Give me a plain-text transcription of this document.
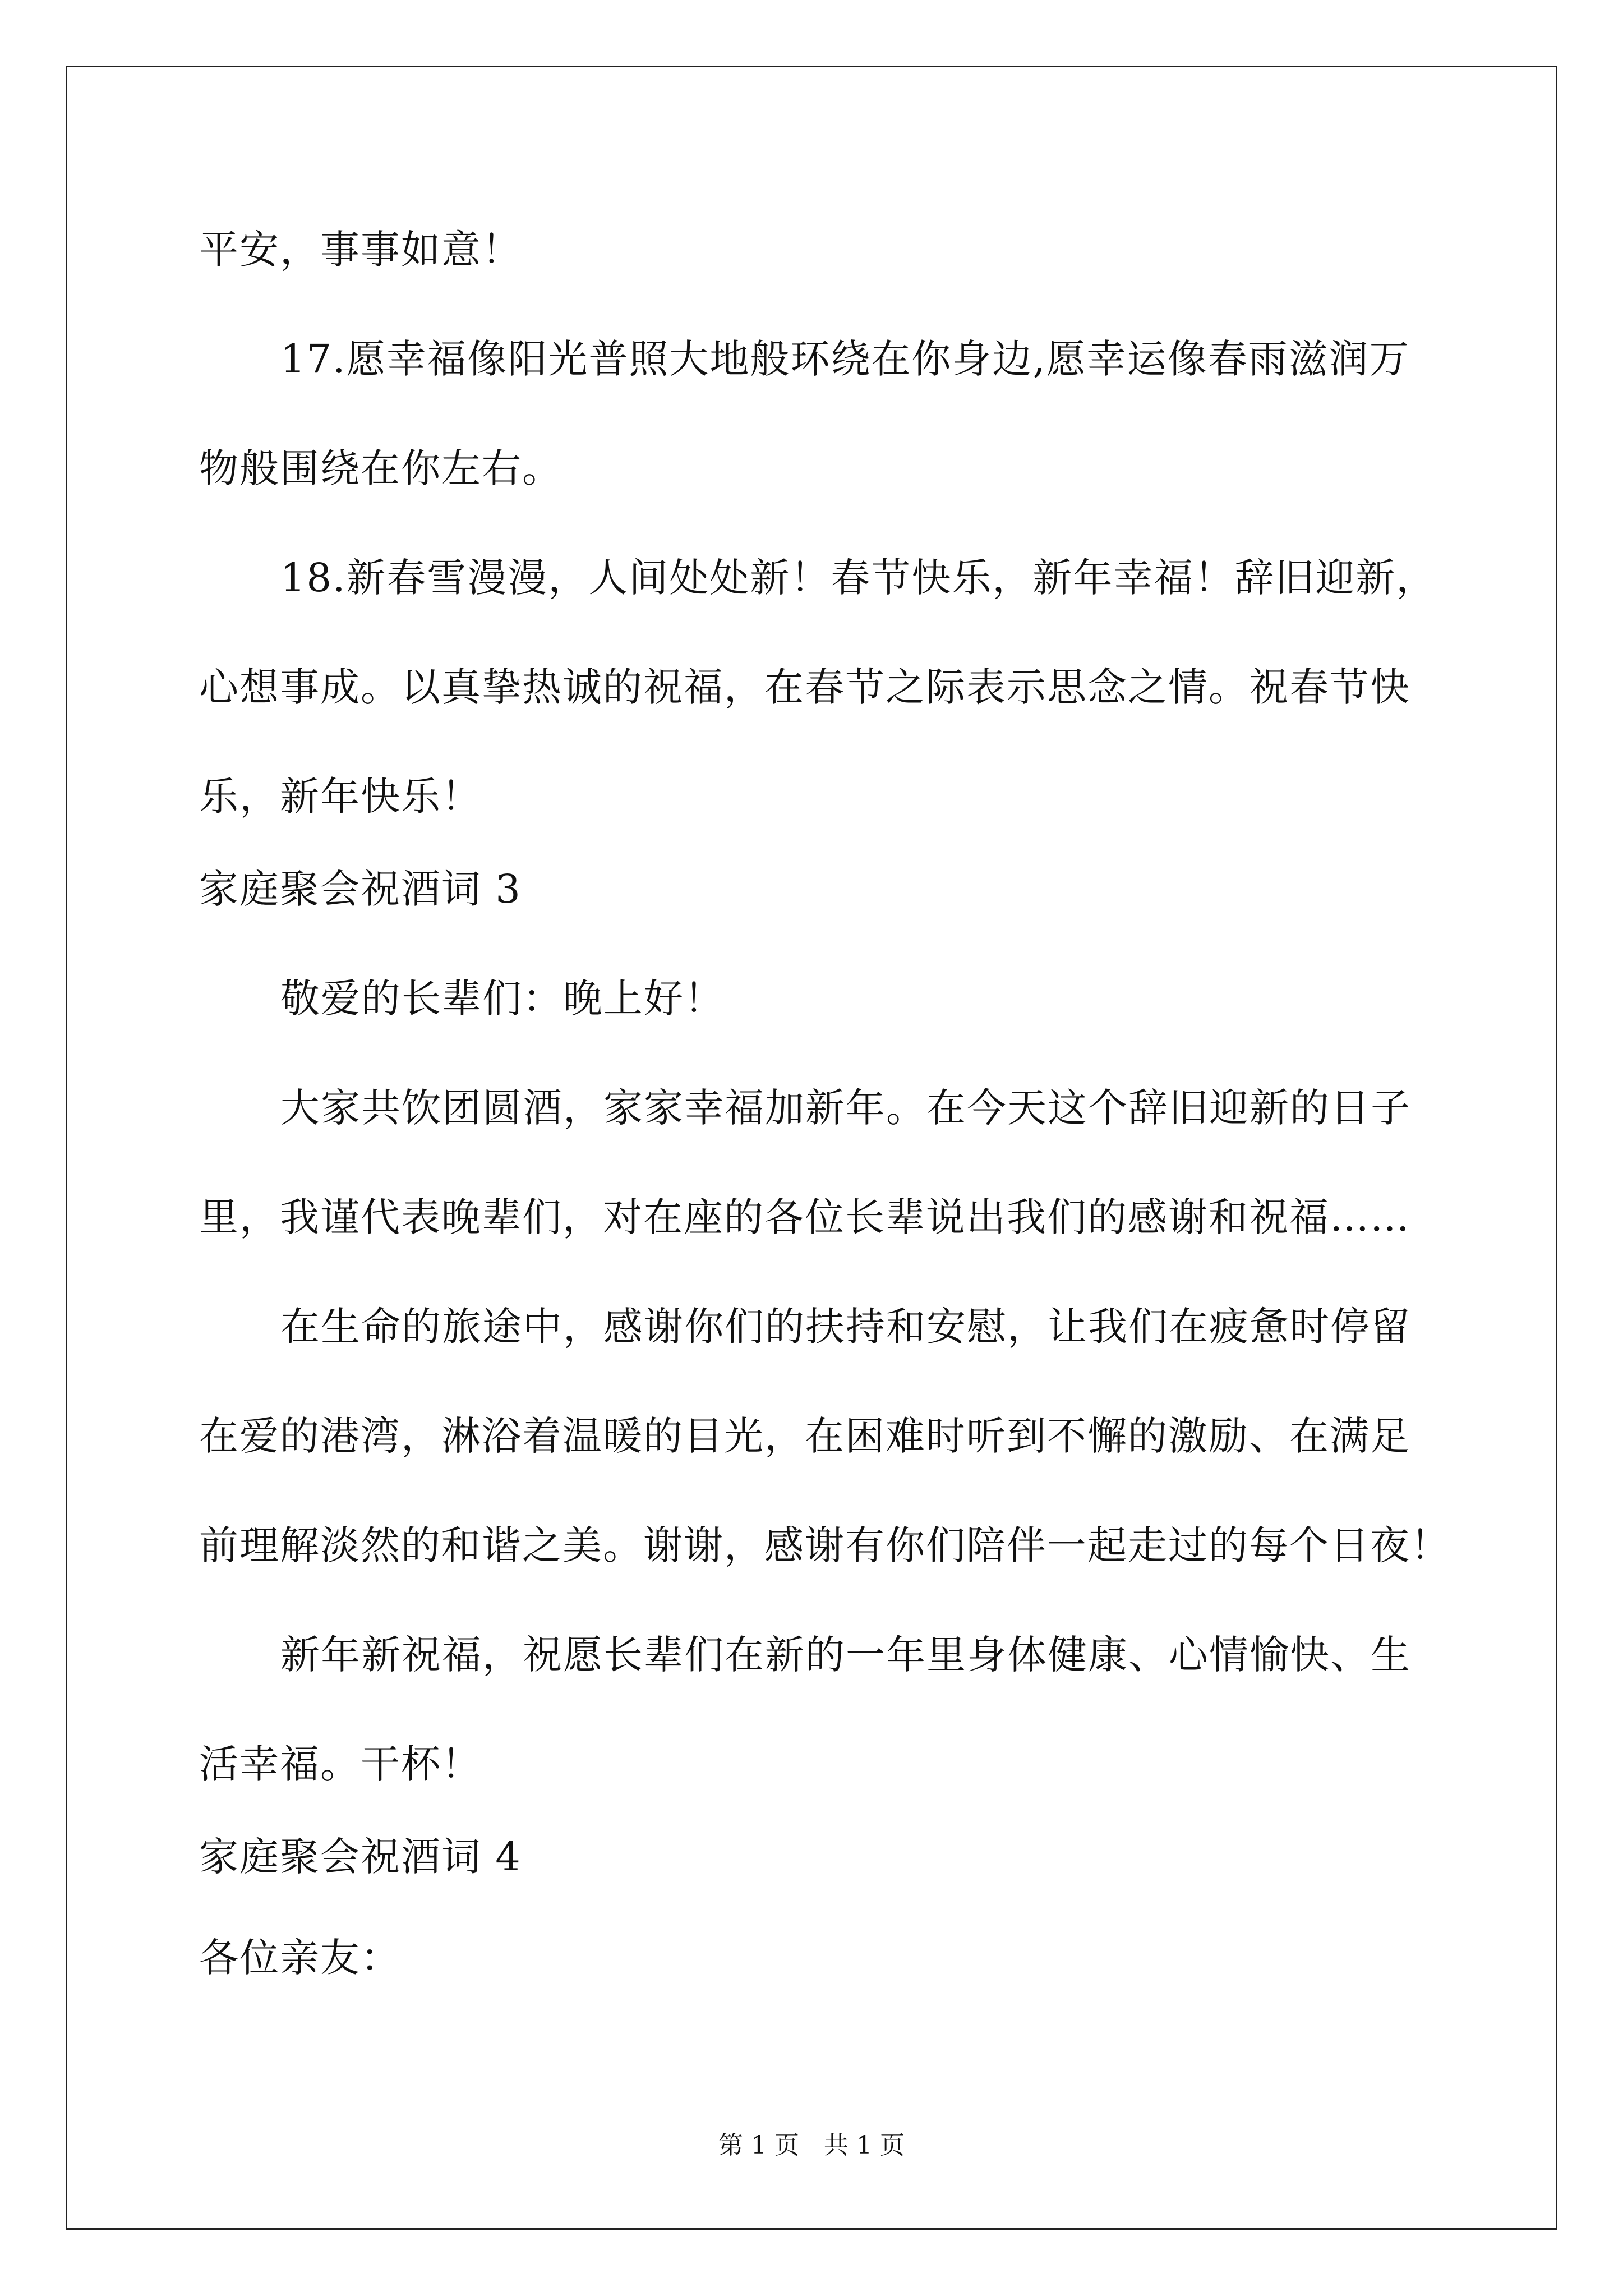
平安，事事如意！
17.愿幸福像阳光普照大地般环绕在你身边,愿幸运像春雨滋润万
物般围绕在你左右。
18.新春雪漫漫，人间处处新！春节快乐，新年幸福！辞旧迎新，
心想事成。以真挚热诚的祝福，在春节之际表示思念之情。祝春节快
乐，新年快乐！
家庭聚会祝酒词 3
敬爱的长辈们：晚上好！
大家共饮团圆酒，家家幸福加新年。在今天这个辞旧迎新的日子
里，我谨代表晚辈们，对在座的各位长辈说出我们的感谢和祝福……
在生命的旅途中，感谢你们的扶持和安慰，让我们在疲惫时停留
在爱的港湾，淋浴着温暖的目光，在困难时听到不懈的激励、在满足
前理解淡然的和谐之美。谢谢，感谢有你们陪伴一起走过的每个日夜！
新年新祝福，祝愿长辈们在新的一年里身体健康、心情愉快、生
活幸福。干杯！
家庭聚会祝酒词 4
各位亲友：
第 1 页　共 1 页
